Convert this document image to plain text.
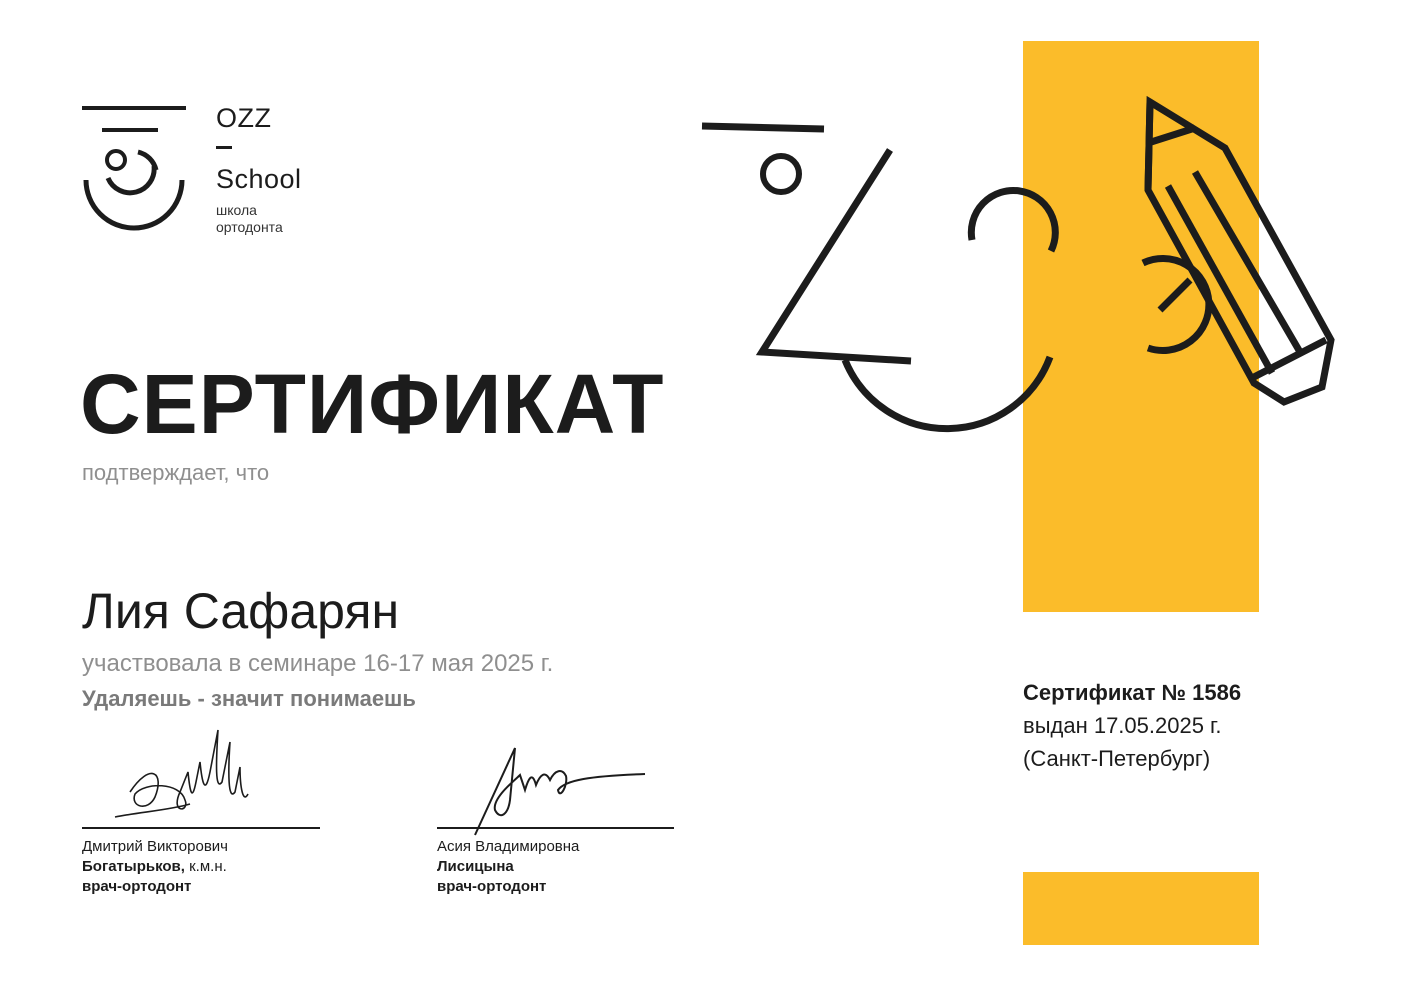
OZZ
School
школа
ортодонта
СЕРТИФИКАТ
подтверждает, что
Лия Сафарян
участвовала в семинаре 16-17 мая 2025 г.
Удаляешь - значит понимаешь
Дмитрий Викторович
Богатырьков, к.м.н.
врач-ортодонт
Асия Владимировна
Лисицына
врач-ортодонт
Сертификат № 1586
выдан 17.05.2025 г.
(Санкт-Петербург)
